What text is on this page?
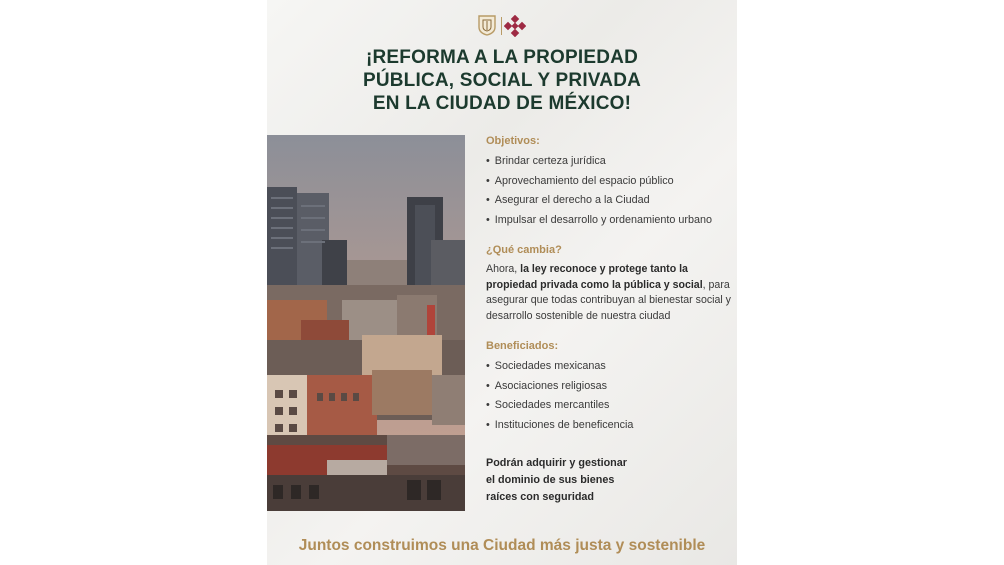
¡REFORMA A LA PROPIEDAD
PÚBLICA, SOCIAL Y PRIVADA
EN LA CIUDAD DE MÉXICO!
Objetivos:
• Brindar certeza jurídica
• Aprovechamiento del espacio público
• Asegurar el derecho a la Ciudad
• Impulsar el desarrollo y ordenamiento urbano
¿Qué cambia?
Ahora, la ley reconoce y protege tanto la propiedad privada como la pública y social, para asegurar que todas contribuyan al bienestar social y desarrollo sostenible de nuestra ciudad
Beneficiados:
• Sociedades mexicanas
• Asociaciones religiosas
• Sociedades mercantiles
• Instituciones de beneficencia
Podrán adquirir y gestionar
el dominio de sus bienes
raíces con seguridad
Juntos construimos una Ciudad más justa y sostenible
